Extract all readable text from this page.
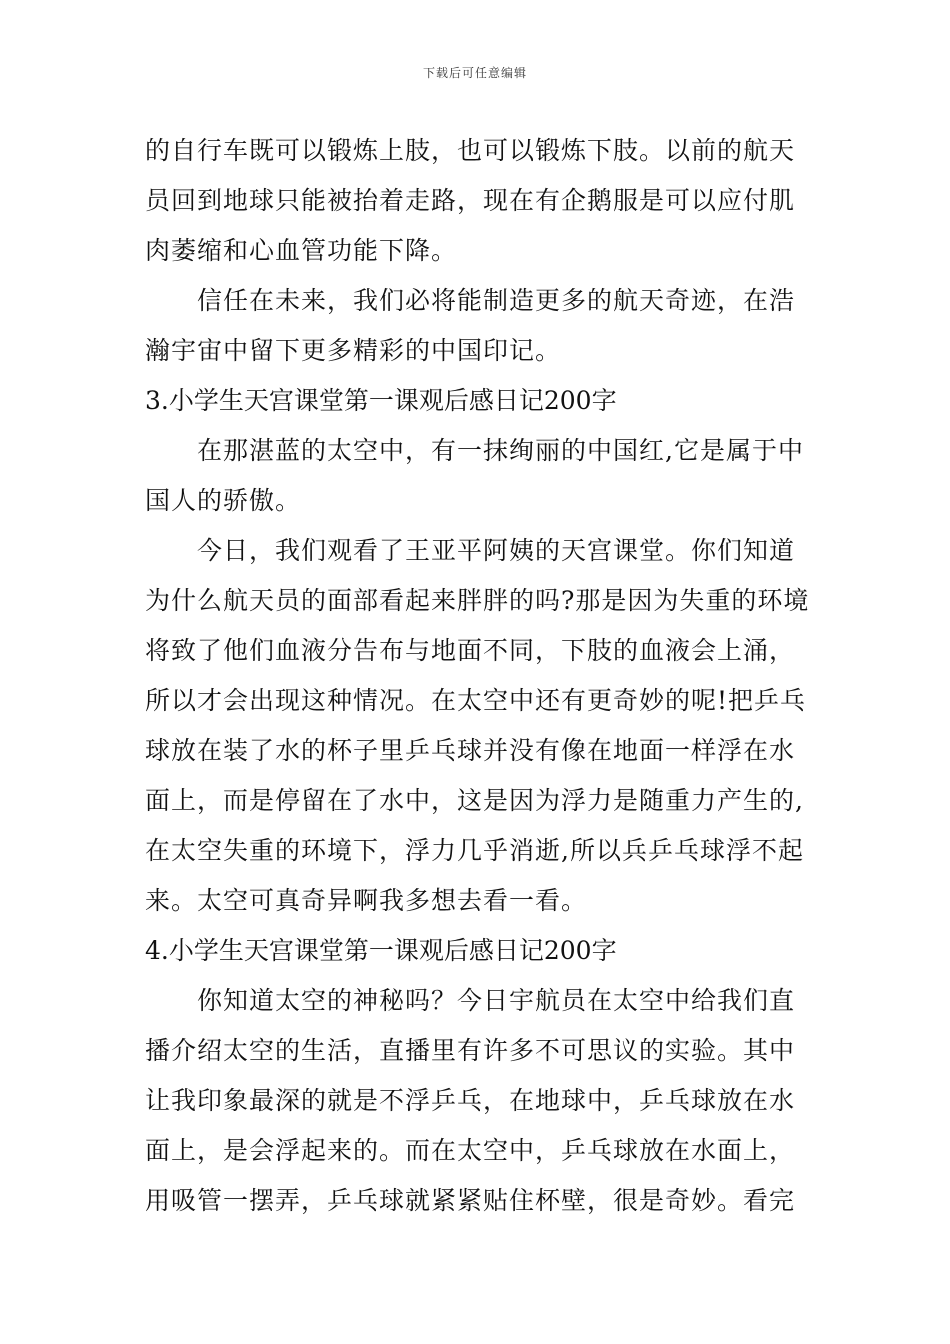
下载后可任意编辑
的自行车既可以锻炼上肢，也可以锻炼下肢。以前的航天
员回到地球只能被抬着走路，现在有企鹅服是可以应付肌
肉萎缩和心血管功能下降。
信任在未来，我们必将能制造更多的航天奇迹，在浩
瀚宇宙中留下更多精彩的中国印记。
3.小学生天宫课堂第一课观后感日记200字
在那湛蓝的太空中，有一抹绚丽的中国红,它是属于中
国人的骄傲。
今日，我们观看了王亚平阿姨的天宫课堂。你们知道
为什么航天员的面部看起来胖胖的吗?那是因为失重的环境
将致了他们血液分告布与地面不同，下肢的血液会上涌，
所以才会出现这种情况。在太空中还有更奇妙的呢!把乒乓
球放在装了水的杯子里乒乓球并没有像在地面一样浮在水
面上，而是停留在了水中，这是因为浮力是随重力产生的,
在太空失重的环境下，浮力几乎消逝,所以兵乒乓球浮不起
来。太空可真奇异啊我多想去看一看。
4.小学生天宫课堂第一课观后感日记200字
你知道太空的神秘吗？今日宇航员在太空中给我们直
播介绍太空的生活，直播里有许多不可思议的实验。其中
让我印象最深的就是不浮乒乓，在地球中，乒乓球放在水
面上，是会浮起来的。而在太空中，乒乓球放在水面上，
用吸管一摆弄，乒乓球就紧紧贴住杯壁，很是奇妙。看完
